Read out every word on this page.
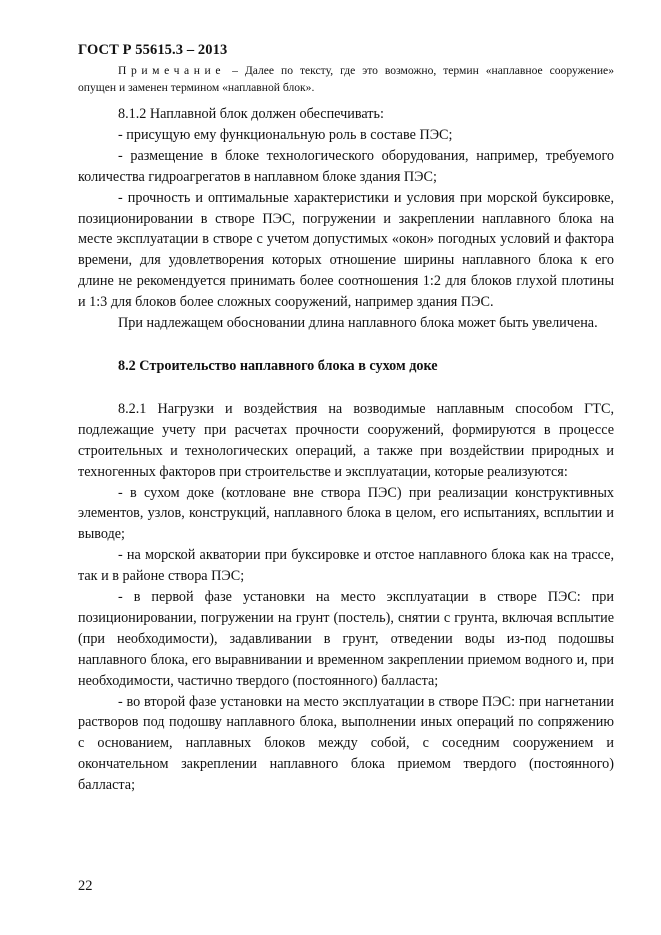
ГОСТ Р 55615.3 – 2013
Примечание – Далее по тексту, где это возможно, термин «наплавное сооружение» опущен и заменен термином «наплавной блок».

8.1.2 Наплавной блок должен обеспечивать:

- присущую ему функциональную роль в составе ПЭС;

- размещение в блоке технологического оборудования, например, требуемого количества гидроагрегатов в наплавном блоке здания ПЭС;

- прочность и оптимальные характеристики и условия при морской буксировке, позиционировании в створе ПЭС, погружении и закреплении наплавного блока на месте эксплуатации в створе с учетом допустимых «окон» погодных условий и фактора времени, для удовлетворения которых отношение ширины наплавного блока к его длине не рекомендуется принимать более соотношения 1:2 для блоков глухой плотины и 1:3 для блоков более сложных сооружений, например здания ПЭС.

При надлежащем обосновании длина наплавного блока может быть увеличена.

8.2 Строительство наплавного блока в сухом доке

8.2.1 Нагрузки и воздействия на возводимые наплавным способом ГТС, подлежащие учету при расчетах прочности сооружений, формируются в процессе строительных и технологических операций, а также при воздействии природных и техногенных факторов при строительстве и эксплуатации, которые реализуются:

- в сухом доке (котловане вне створа ПЭС) при реализации конструктивных элементов, узлов, конструкций, наплавного блока в целом, его испытаниях, всплытии и выводе;

- на морской акватории при буксировке и отстое наплавного блока как на трассе, так и в районе створа ПЭС;

- в первой фазе установки на место эксплуатации в створе ПЭС: при позиционировании, погружении на грунт (постель), снятии с грунта, включая всплытие (при необходимости), задавливании в грунт, отведении воды из-под подошвы наплавного блока, его выравнивании и временном закреплении приемом водного и, при необходимости, частично твердого (постоянного) балласта;

- во второй фазе установки на место эксплуатации в створе ПЭС: при нагнетании растворов под подошву наплавного блока, выполнении иных операций по сопряжению с основанием, наплавных блоков между собой, с соседним сооружением и окончательном закреплении наплавного блока приемом твердого (постоянного) балласта;

22
